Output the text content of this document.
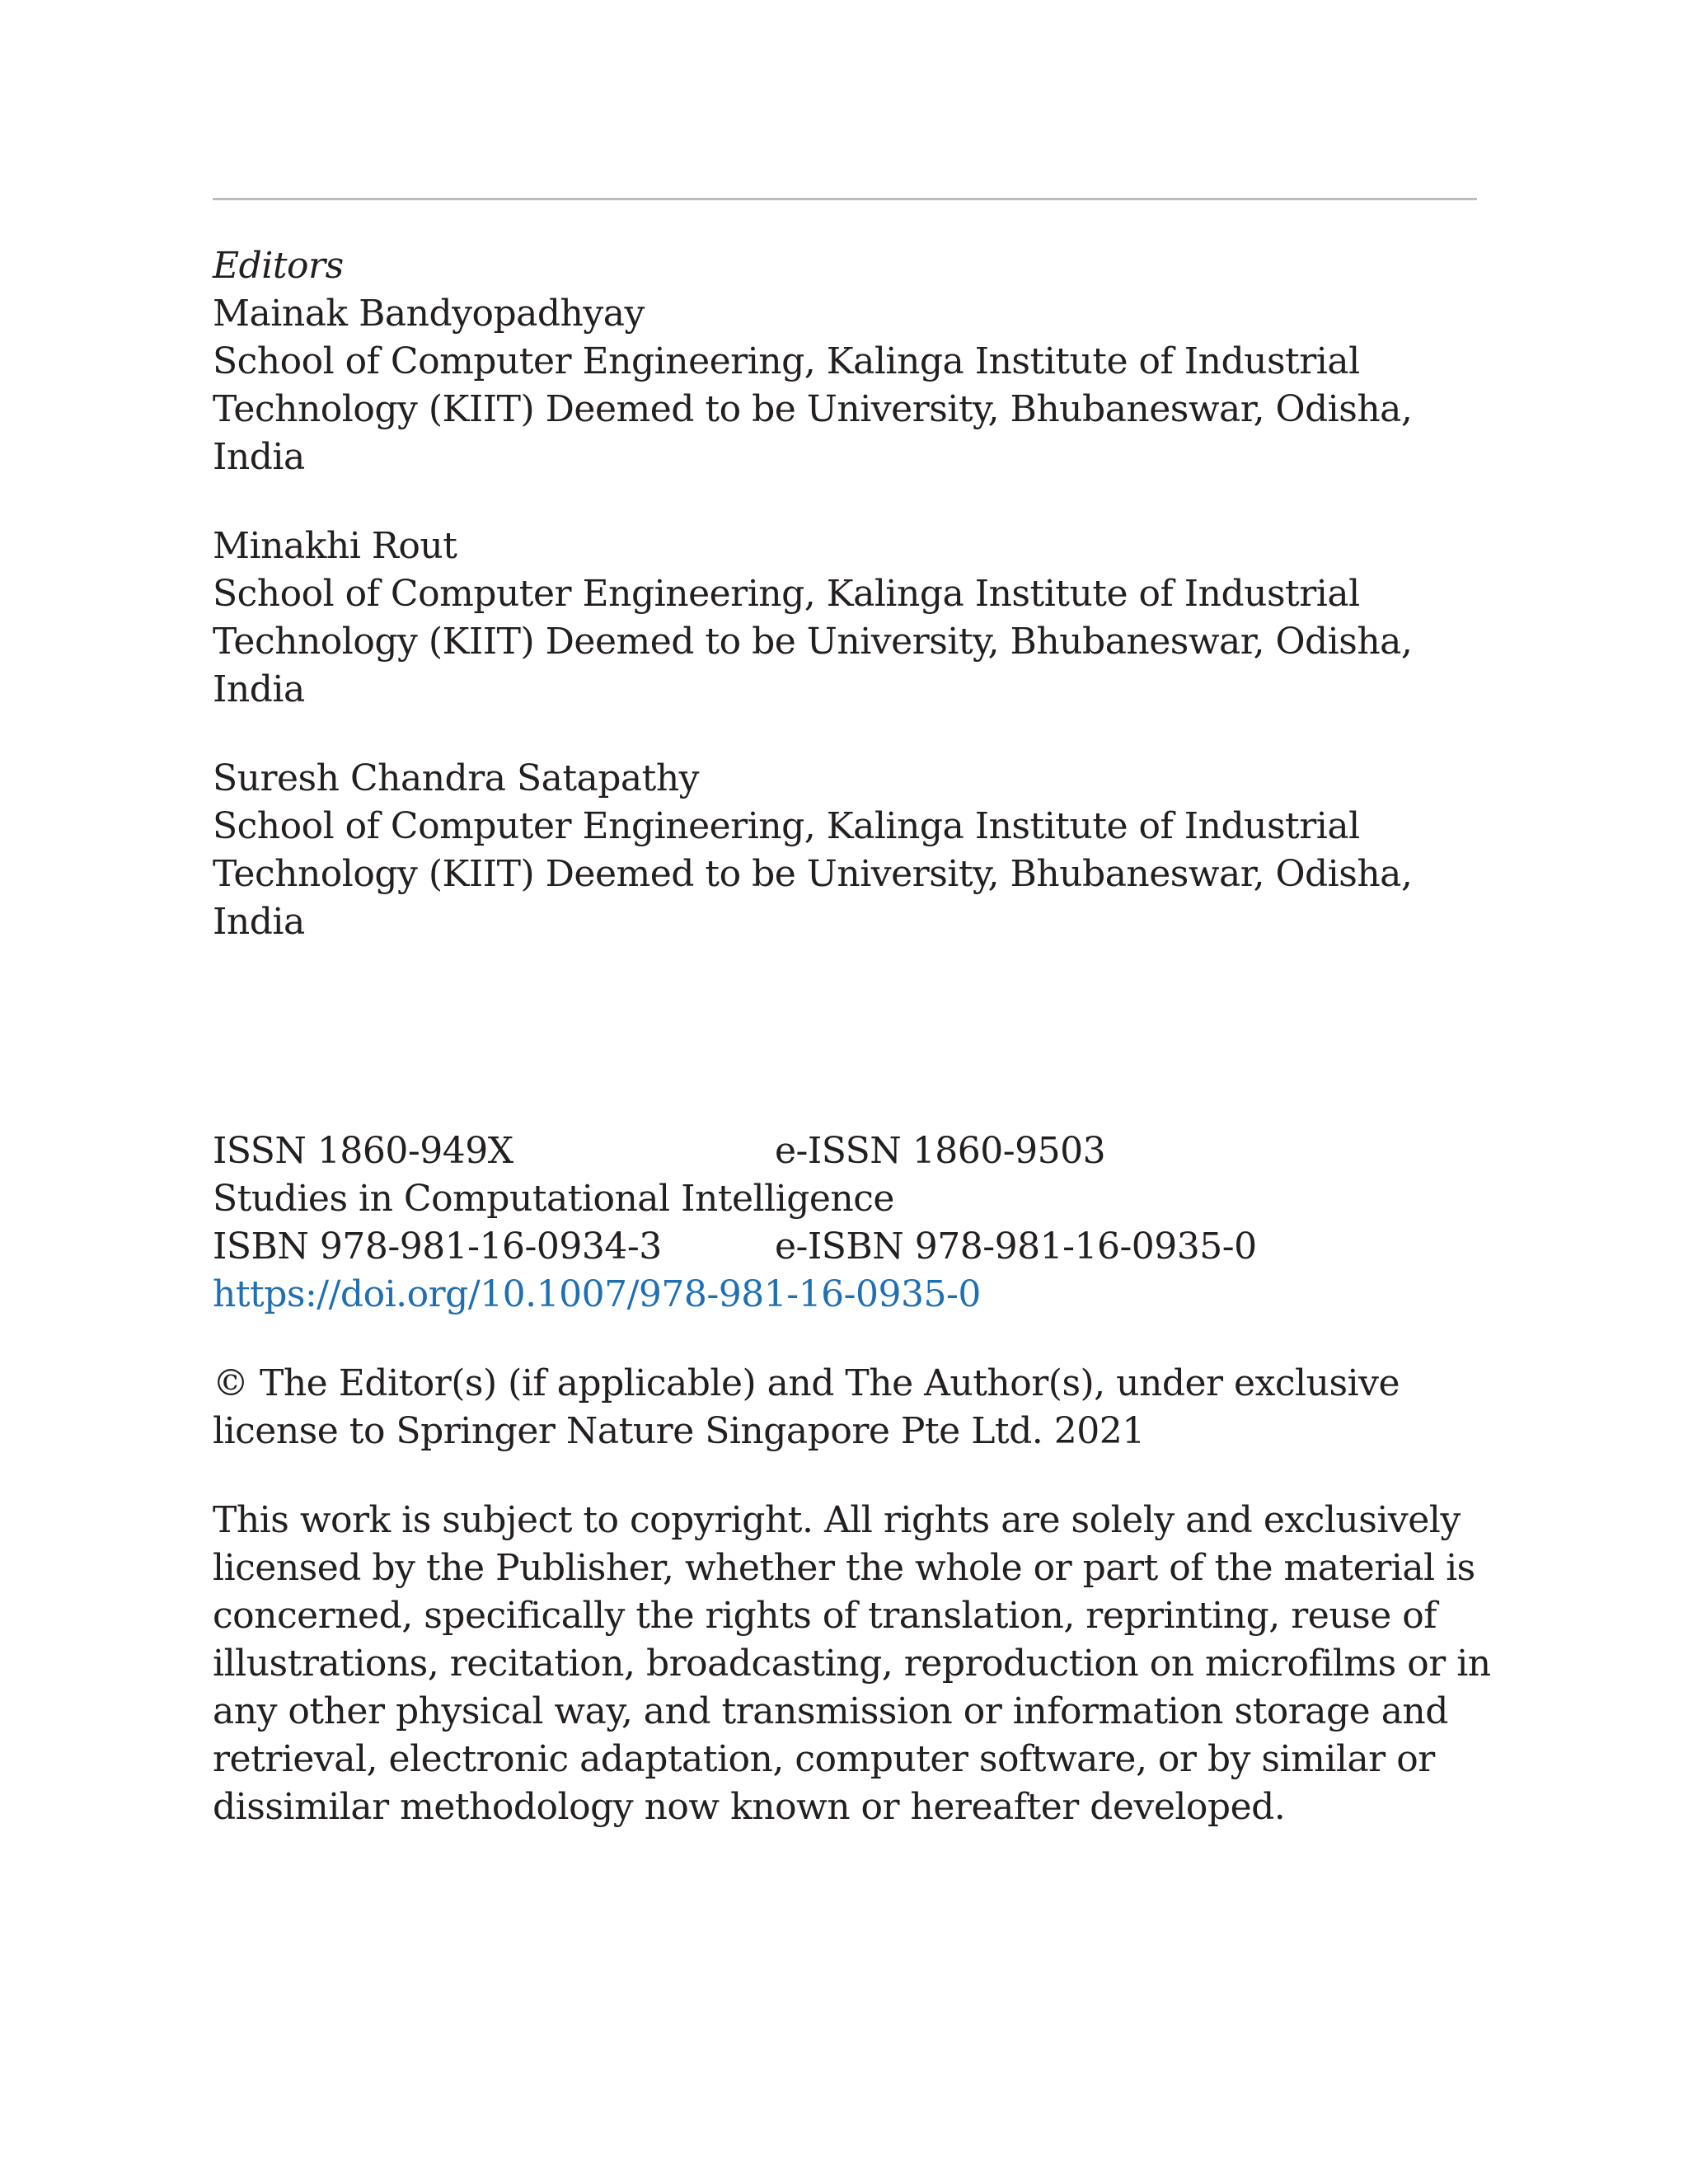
Editors
Mainak Bandyopadhyay
School of Computer Engineering, Kalinga Institute of Industrial
Technology (KIIT) Deemed to be University, Bhubaneswar, Odisha,
India
Minakhi Rout
School of Computer Engineering, Kalinga Institute of Industrial
Technology (KIIT) Deemed to be University, Bhubaneswar, Odisha,
India
Suresh Chandra Satapathy
School of Computer Engineering, Kalinga Institute of Industrial
Technology (KIIT) Deemed to be University, Bhubaneswar, Odisha,
India
ISSN 1860-949X	e-ISSN 1860-9503
Studies in Computational Intelligence
ISBN 978-981-16-0934-3	e-ISBN 978-981-16-0935-0
https://doi.org/10.1007/978-981-16-0935-0
© The Editor(s) (if applicable) and The Author(s), under exclusive
license to Springer Nature Singapore Pte Ltd. 2021
This work is subject to copyright. All rights are solely and exclusively
licensed by the Publisher, whether the whole or part of the material is
concerned, specifically the rights of translation, reprinting, reuse of
illustrations, recitation, broadcasting, reproduction on microfilms or in
any other physical way, and transmission or information storage and
retrieval, electronic adaptation, computer software, or by similar or
dissimilar methodology now known or hereafter developed.
